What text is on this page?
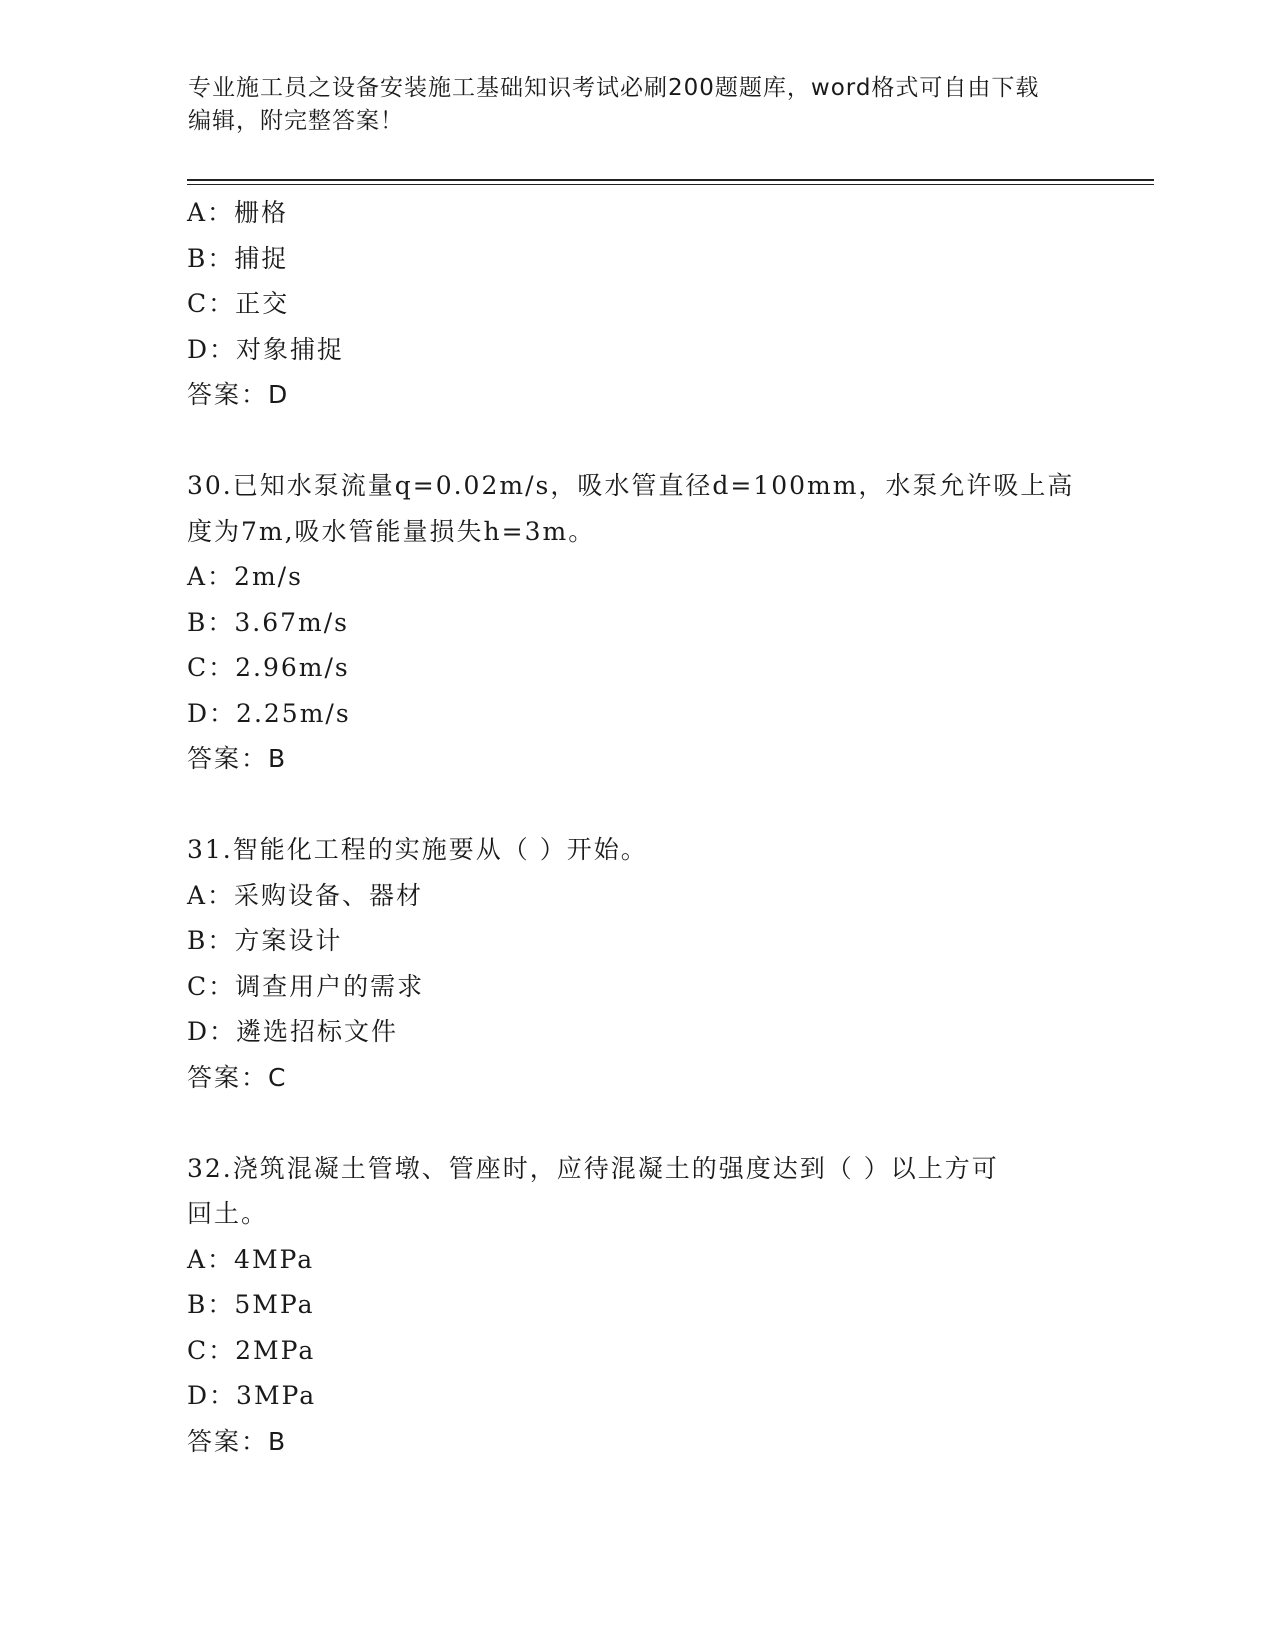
专业施工员之设备安装施工基础知识考试必刷200题题库，word格式可自由下载
编辑，附完整答案！
A：栅格
B：捕捉
C：正交
D：对象捕捉
答案：D
30.已知水泵流量q=0.02m/s，吸水管直径d=100mm，水泵允许吸上高
度为7m,吸水管能量损失h=3m。
A：2m/s
B：3.67m/s
C：2.96m/s
D：2.25m/s
答案：B
31.智能化工程的实施要从（ ）开始。
A：采购设备、器材
B：方案设计
C：调查用户的需求
D：遴选招标文件
答案：C
32.浇筑混凝土管墩、管座时，应待混凝土的强度达到（ ）以上方可
回土。
A：4MPa
B：5MPa
C：2MPa
D：3MPa
答案：B
